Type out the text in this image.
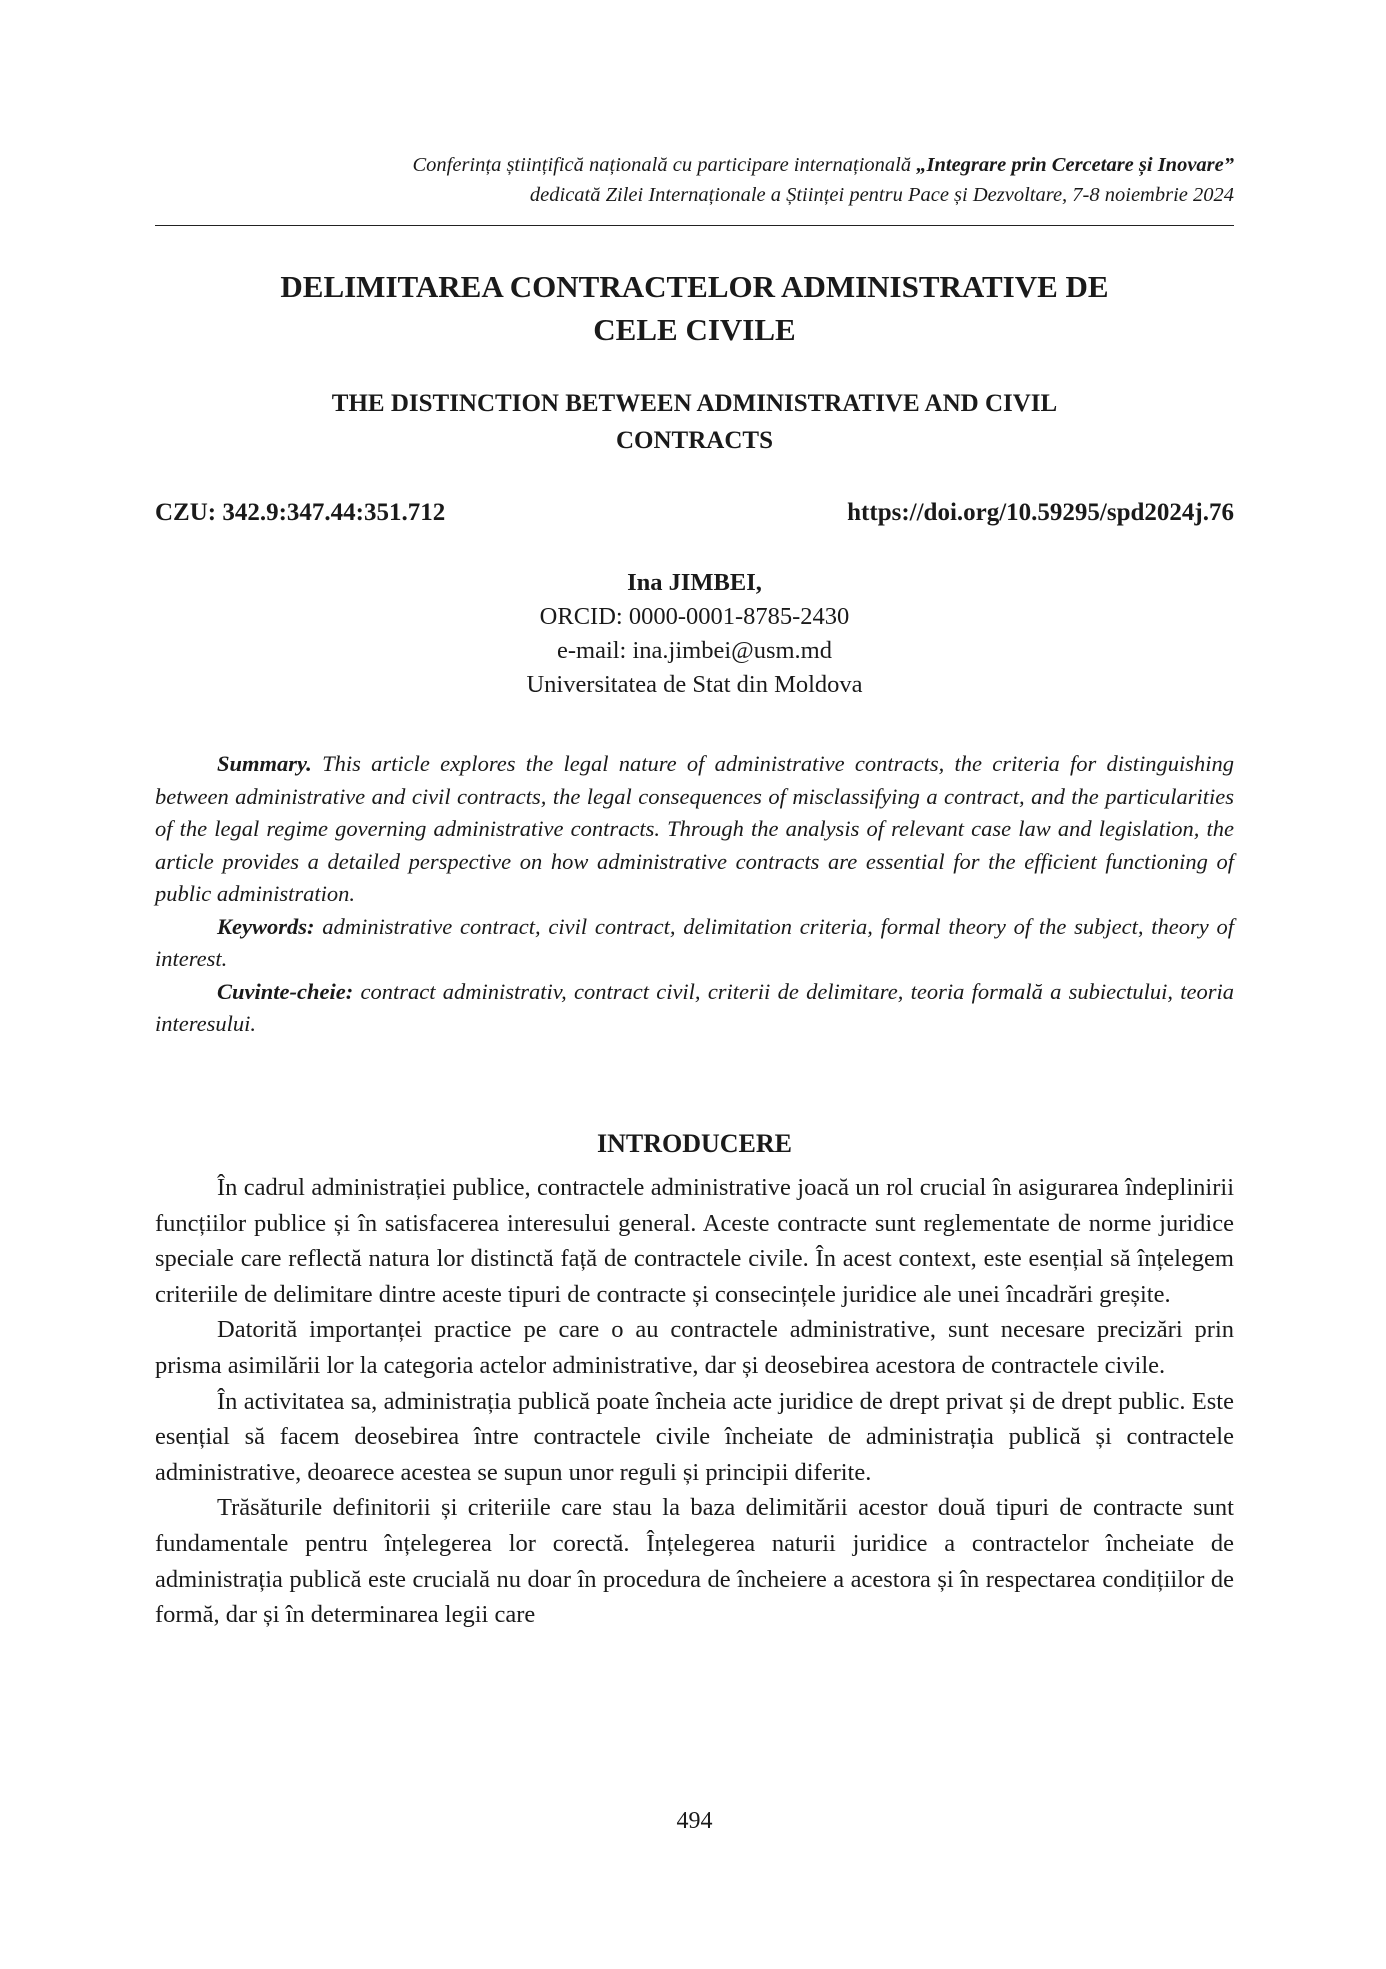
Conferința științifică națională cu participare internațională „Integrare prin Cercetare și Inovare”
dedicată Zilei Internaționale a Științei pentru Pace și Dezvoltare, 7-8 noiembrie 2024
DELIMITAREA CONTRACTELOR ADMINISTRATIVE DE
CELE CIVILE
THE DISTINCTION BETWEEN ADMINISTRATIVE AND CIVIL
CONTRACTS
CZU: 342.9:347.44:351.712	https://doi.org/10.59295/spd2024j.76
Ina JIMBEI,
ORCID: 0000-0001-8785-2430
e-mail: ina.jimbei@usm.md
Universitatea de Stat din Moldova

Summary. This article explores the legal nature of administrative contracts, the criteria for distinguishing between administrative and civil contracts, the legal consequences of misclassifying a contract, and the particularities of the legal regime governing administrative contracts. Through the analysis of relevant case law and legislation, the article provides a detailed perspective on how administrative contracts are essential for the efficient functioning of public administration.

Keywords: administrative contract, civil contract, delimitation criteria, formal theory of the subject, theory of interest.

Cuvinte-cheie: contract administrativ, contract civil, criterii de delimitare, teoria formală a subiectului, teoria interesului.

INTRODUCERE

În cadrul administrației publice, contractele administrative joacă un rol crucial în asigurarea îndeplinirii funcțiilor publice și în satisfacerea interesului general. Aceste contracte sunt reglementate de norme juridice speciale care reflectă natura lor distinctă față de contractele civile. În acest context, este esențial să înțelegem criteriile de delimitare dintre aceste tipuri de contracte și consecințele juridice ale unei încadrări greșite.

Datorită importanței practice pe care o au contractele administrative, sunt necesare precizări prin prisma asimilării lor la categoria actelor administrative, dar și deosebirea acestora de contractele civile.

În activitatea sa, administrația publică poate încheia acte juridice de drept privat și de drept public. Este esențial să facem deosebirea între contractele civile încheiate de administrația publică și contractele administrative, deoarece acestea se supun unor reguli și principii diferite.

Trăsăturile definitorii și criteriile care stau la baza delimitării acestor două tipuri de contracte sunt fundamentale pentru înțelegerea lor corectă. Înțelegerea naturii juridice a contractelor încheiate de administrația publică este crucială nu doar în procedura de încheiere a acestora și în respectarea condițiilor de formă, dar și în determinarea legii care

494
